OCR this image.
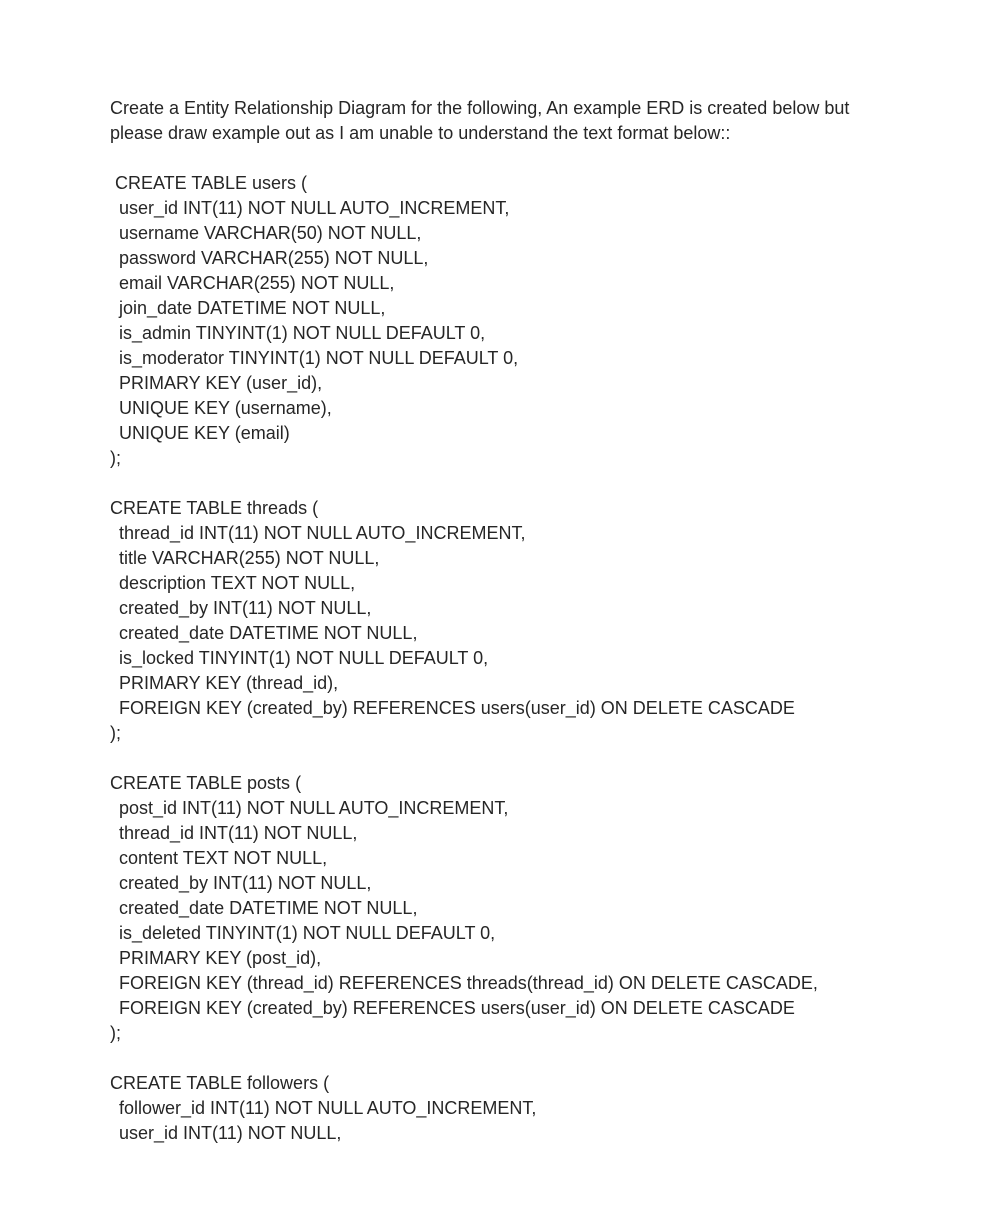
Create a Entity Relationship Diagram for the following, An example ERD is created below but

please draw example out as I am unable to understand the text format below::

CREATE TABLE users (
user_id INT(11) NOT NULL AUTO_INCREMENT,
username VARCHAR(50) NOT NULL,
password VARCHAR(255) NOT NULL,
email VARCHAR(255) NOT NULL,
join_date DATETIME NOT NULL,
is_admin TINYINT(1) NOT NULL DEFAULT 0,
is_moderator TINYINT(1) NOT NULL DEFAULT 0,
PRIMARY KEY (user_id),
UNIQUE KEY (username),
UNIQUE KEY (email)
);
CREATE TABLE threads (
thread_id INT(11) NOT NULL AUTO_INCREMENT,
title VARCHAR(255) NOT NULL,
description TEXT NOT NULL,
created_by INT(11) NOT NULL,
created_date DATETIME NOT NULL,
is_locked TINYINT(1) NOT NULL DEFAULT 0,
PRIMARY KEY (thread_id),
FOREIGN KEY (created_by) REFERENCES users(user_id) ON DELETE CASCADE
);
CREATE TABLE posts (
post_id INT(11) NOT NULL AUTO_INCREMENT,
thread_id INT(11) NOT NULL,
content TEXT NOT NULL,
created_by INT(11) NOT NULL,
created_date DATETIME NOT NULL,
is_deleted TINYINT(1) NOT NULL DEFAULT 0,
PRIMARY KEY (post_id),
FOREIGN KEY (thread_id) REFERENCES threads(thread_id) ON DELETE CASCADE,
FOREIGN KEY (created_by) REFERENCES users(user_id) ON DELETE CASCADE
);
CREATE TABLE followers (
follower_id INT(11) NOT NULL AUTO_INCREMENT,
user_id INT(11) NOT NULL,
